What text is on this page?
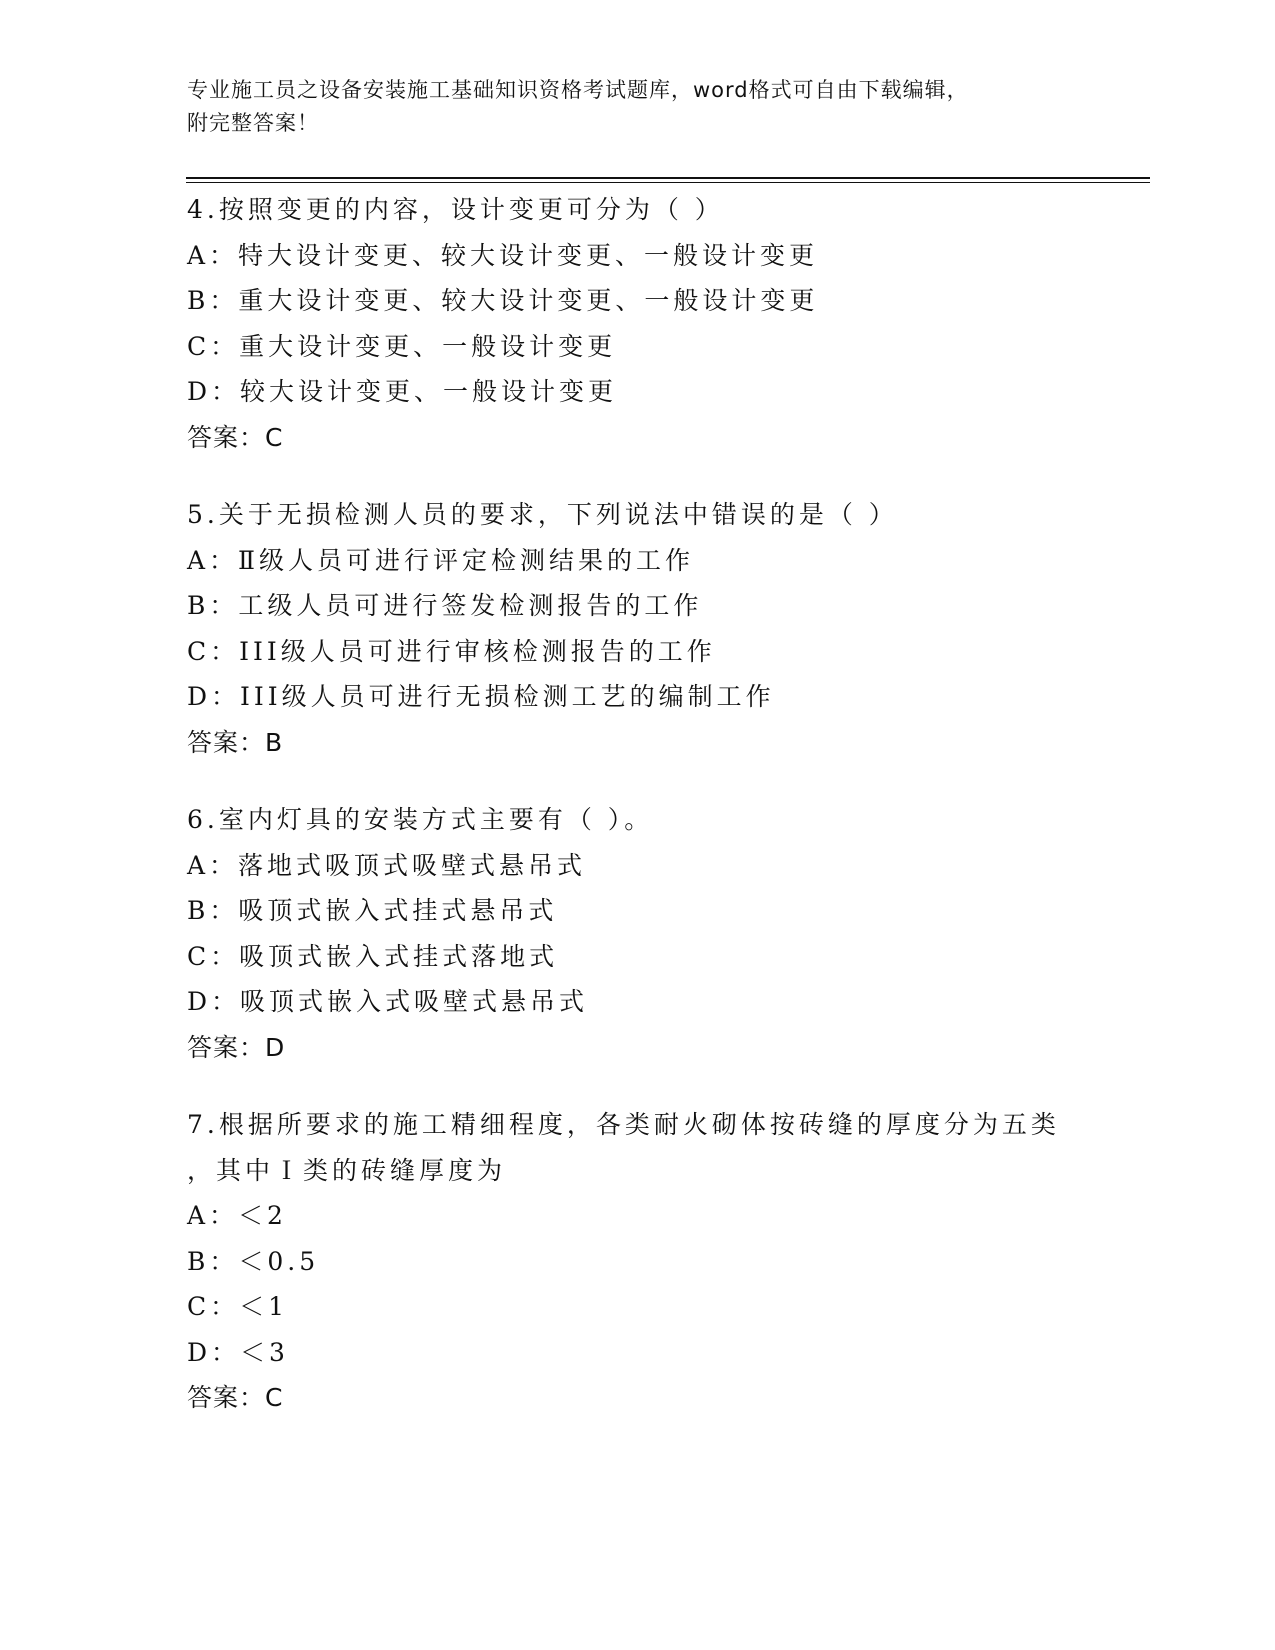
专业施工员之设备安装施工基础知识资格考试题库，word格式可自由下载编辑，
附完整答案！
4.按照变更的内容，设计变更可分为（ ）
A：特大设计变更、较大设计变更、一般设计变更
B：重大设计变更、较大设计变更、一般设计变更
C：重大设计变更、一般设计变更
D：较大设计变更、一般设计变更
答案：C
5.关于无损检测人员的要求，下列说法中错误的是（ ）
A：Ⅱ级人员可进行评定检测结果的工作
B：工级人员可进行签发检测报告的工作
C：III级人员可进行审核检测报告的工作
D：III级人员可进行无损检测工艺的编制工作
答案：B
6.室内灯具的安装方式主要有（ ）。
A：落地式吸顶式吸壁式悬吊式
B：吸顶式嵌入式挂式悬吊式
C：吸顶式嵌入式挂式落地式
D：吸顶式嵌入式吸壁式悬吊式
答案：D
7.根据所要求的施工精细程度，各类耐火砌体按砖缝的厚度分为五类
，其中Ｉ类的砖缝厚度为
A：＜2
B：＜0.5
C：＜1
D：＜3
答案：C
